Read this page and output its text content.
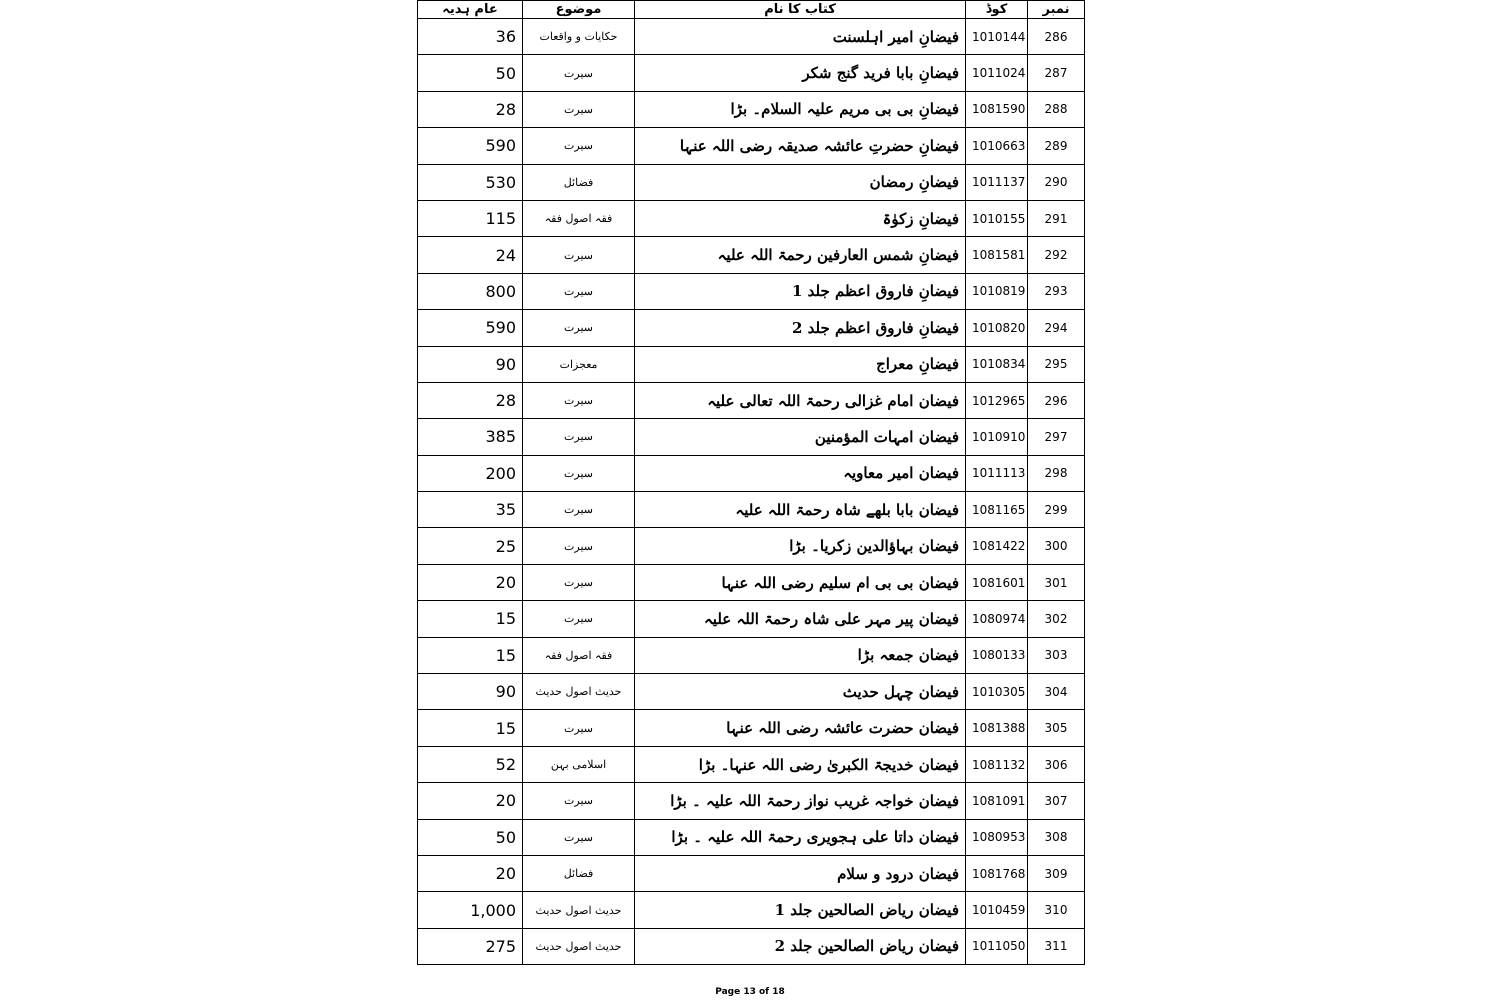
عام ہدیہ	موضوع	کتاب کا نام	کوڈ	نمبر
36	حکایات و واقعات	فیضانِ امیر اہلسنت	1010144	286
50	سیرت	فیضانِ بابا فرید گنج شکر	1011024	287
28	سیرت	فیضانِ بی بی مریم علیہ السلام۔ بڑا	1081590	288
590	سیرت	فیضانِ حضرتِ عائشہ صدیقہ رضی اللہ عنہا	1010663	289
530	فضائل	فیضانِ رمضان	1011137	290
115	فقہ اصول فقہ	فیضانِ زکوٰۃ	1010155	291
24	سیرت	فیضانِ شمس العارفین رحمۃ اللہ علیہ	1081581	292
800	سیرت	فیضانِ فاروق اعظم جلد 1	1010819	293
590	سیرت	فیضانِ فاروق اعظم جلد 2	1010820	294
90	معجزات	فیضانِ معراج	1010834	295
28	سیرت	فیضان امام غزالی رحمۃ اللہ تعالی علیہ	1012965	296
385	سیرت	فیضان امہات المؤمنین	1010910	297
200	سیرت	فیضان امیر معاویہ	1011113	298
35	سیرت	فیضان بابا بلھے شاہ رحمۃ اللہ علیہ	1081165	299
25	سیرت	فیضان بہاؤالدین زکریا۔ بڑا	1081422	300
20	سیرت	فیضان بی بی ام سلیم رضی اللہ عنہا	1081601	301
15	سیرت	فیضان پیر مہر علی شاہ رحمۃ اللہ علیہ	1080974	302
15	فقہ اصول فقہ	فیضان جمعہ بڑا	1080133	303
90	حدیث اصول حدیث	فیضان چہل حدیث	1010305	304
15	سیرت	فیضان حضرت عائشہ رضی اللہ عنہا	1081388	305
52	اسلامی بہن	فیضان خدیجۃ الکبریٰ رضی اللہ عنہا۔ بڑا	1081132	306
20	سیرت	فیضان خواجہ غریب نواز رحمۃ اللہ علیہ ۔ بڑا	1081091	307
50	سیرت	فیضان داتا علی ہجویری رحمۃ اللہ علیہ ۔ بڑا	1080953	308
20	فضائل	فیضان درود و سلام	1081768	309
1,000	حدیث اصول حدیث	فیضان ریاض الصالحین جلد 1	1010459	310
275	حدیث اصول حدیث	فیضان ریاض الصالحین جلد 2	1011050	311
Page 13 of 18
